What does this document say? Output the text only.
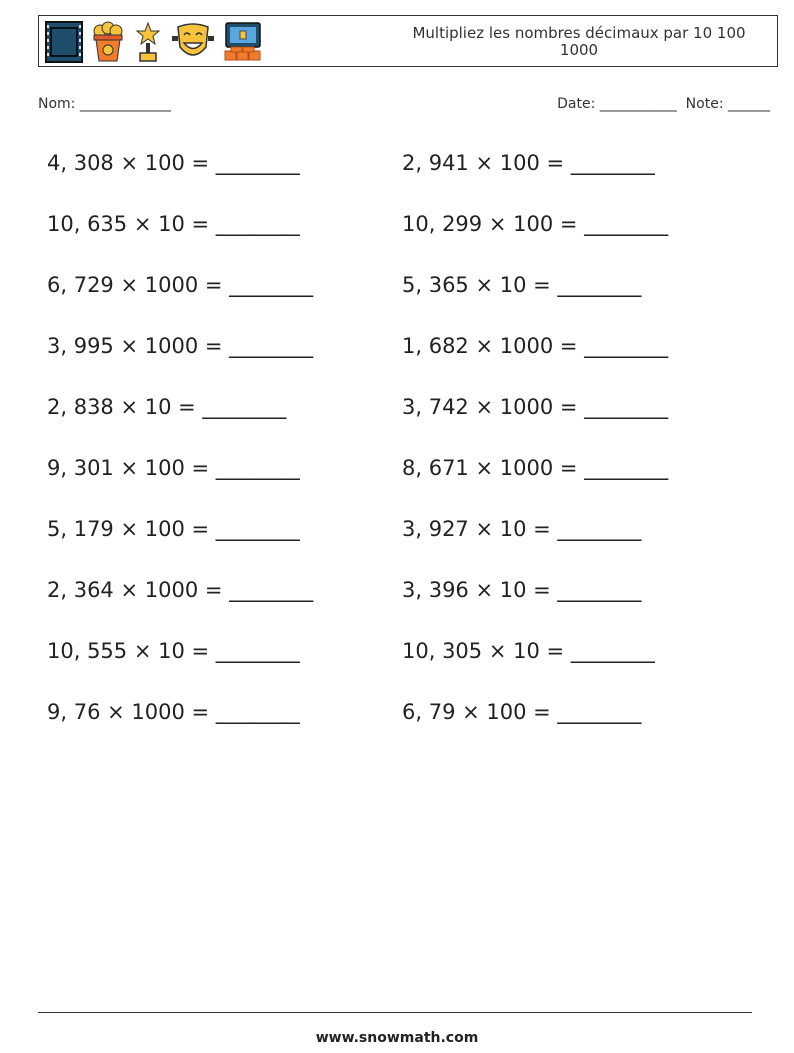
Multipliez les nombres décimaux par 10 100 1000
Nom: _____________	Date: ___________  Note: ______
4, 308 × 100 = ________	2, 941 × 100 = ________
10, 635 × 10 = ________	10, 299 × 100 = ________
6, 729 × 1000 = ________	5, 365 × 10 = ________
3, 995 × 1000 = ________	1, 682 × 1000 = ________
2, 838 × 10 = ________	3, 742 × 1000 = ________
9, 301 × 100 = ________	8, 671 × 1000 = ________
5, 179 × 100 = ________	3, 927 × 10 = ________
2, 364 × 1000 = ________	3, 396 × 10 = ________
10, 555 × 10 = ________	10, 305 × 10 = ________
9, 76 × 1000 = ________	6, 79 × 100 = ________
www.snowmath.com
